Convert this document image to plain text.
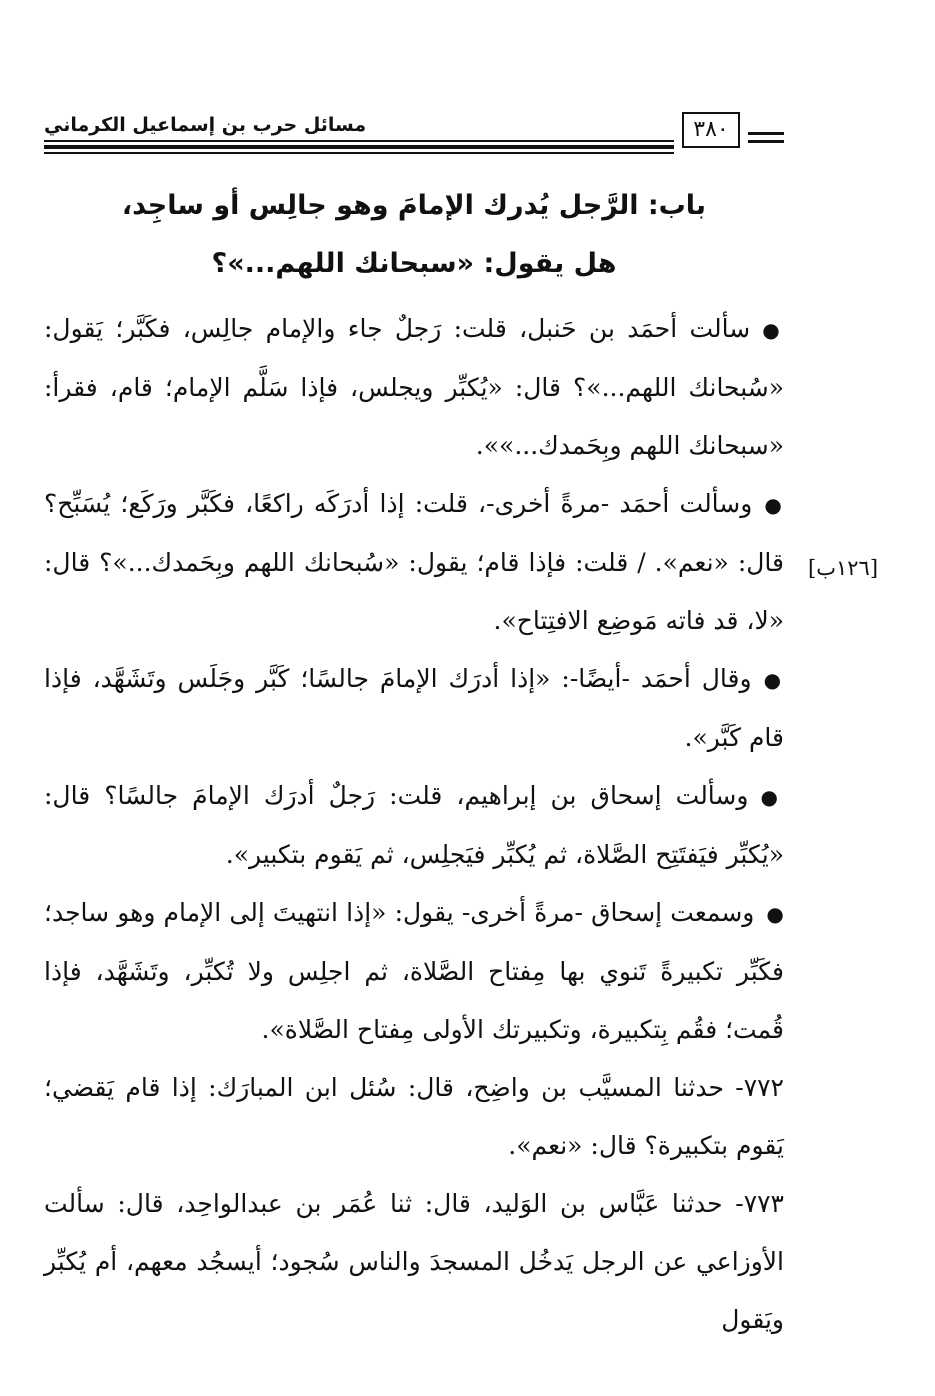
مسائل حرب بن إسماعيل الكرماني	٣٨٠
باب: الرَّجل يُدرك الإمامَ وهو جالِس أو ساجِد،
هل يقول: «سبحانك اللهم...»؟
[١٢٦ب]

●سألت أحمَد بن حَنبل، قلت: رَجلٌ جاء والإمام جالِس، فكَبَّر؛ يَقول: «سُبحانك اللهم...»؟ قال: «يُكبِّر ويجلس، فإذا سَلَّم الإمام؛ قام، فقرأ: «سبحانك اللهم وبِحَمدك...»».

●وسألت أحمَد -مرةً أخرى-، قلت: إذا أدرَكَه راكعًا، فكَبَّر ورَكَع؛ يُسَبِّح؟ قال: «نعم». / قلت: فإذا قام؛ يقول: «سُبحانك اللهم وبِحَمدك...»؟ قال: «لا، قد فاته مَوضِع الافتِتاح».

●وقال أحمَد -أيضًا-: «إذا أدرَك الإمامَ جالسًا؛ كَبَّر وجَلَس وتَشَهَّد، فإذا قام كَبَّر».

●وسألت إسحاق بن إبراهيم، قلت: رَجلٌ أدرَك الإمامَ جالسًا؟ قال: «يُكبِّر فيَفتَتِح الصَّلاة، ثم يُكبِّر فيَجلِس، ثم يَقوم بتكبير».

●وسمعت إسحاق -مرةً أخرى- يقول: «إذا انتهيتَ إلى الإمام وهو ساجد؛ فكَبِّر تكبيرةً تَنوي بها مِفتاح الصَّلاة، ثم اجلِس ولا تُكبِّر، وتَشَهَّد، فإذا قُمت؛ فقُم بِتكبيرة، وتكبيرتك الأولى مِفتاح الصَّلاة».

٧٧٢- حدثنا المسيَّب بن واضِح، قال: سُئل ابن المبارَك: إذا قام يَقضي؛ يَقوم بتكبيرة؟ قال: «نعم».

٧٧٣- حدثنا عَبَّاس بن الوَليد، قال: ثنا عُمَر بن عبدالواحِد، قال: سألت الأوزاعي عن الرجل يَدخُل المسجدَ والناس سُجود؛ أيسجُد معهم، أم يُكبِّر ويَقول
